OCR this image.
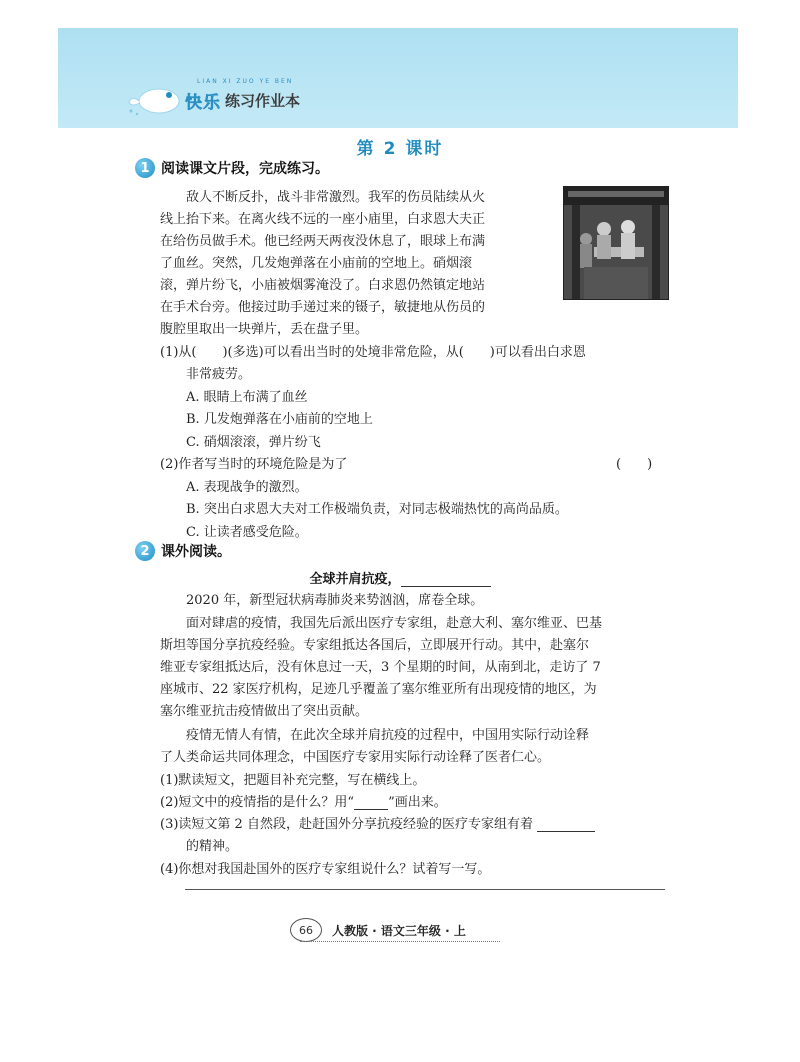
LIAN XI ZUO YE BEN
快乐 练习作业本
第 2 课时
1 阅读课文片段，完成练习。
敌人不断反扑，战斗非常激烈。我军的伤员陆续从火
线上抬下来。在离火线不远的一座小庙里，白求恩大夫正
在给伤员做手术。他已经两天两夜没休息了，眼球上布满
了血丝。突然，几发炮弹落在小庙前的空地上。硝烟滚
滚，弹片纷飞，小庙被烟雾淹没了。白求恩仍然镇定地站
在手术台旁。他接过助手递过来的镊子，敏捷地从伤员的
腹腔里取出一块弹片，丢在盘子里。
(1)从(　　)(多选)可以看出当时的处境非常危险，从(　　)可以看出白求恩
非常疲劳。
A. 眼睛上布满了血丝
B. 几发炮弹落在小庙前的空地上
C. 硝烟滚滚，弹片纷飞
(2)作者写当时的环境危险是为了	(　　)
A. 表现战争的激烈。
B. 突出白求恩大夫对工作极端负责，对同志极端热忱的高尚品质。
C. 让读者感受危险。
2 课外阅读。
全球并肩抗疫，
2020 年，新型冠状病毒肺炎来势汹汹，席卷全球。
面对肆虐的疫情，我国先后派出医疗专家组，赴意大利、塞尔维亚、巴基
斯坦等国分享抗疫经验。专家组抵达各国后，立即展开行动。其中，赴塞尔
维亚专家组抵达后，没有休息过一天，3 个星期的时间，从南到北，走访了 7
座城市、22 家医疗机构，足迹几乎覆盖了塞尔维亚所有出现疫情的地区，为
塞尔维亚抗击疫情做出了突出贡献。
疫情无情人有情，在此次全球并肩抗疫的过程中，中国用实际行动诠释
了人类命运共同体理念，中国医疗专家用实际行动诠释了医者仁心。
(1)默读短文，把题目补充完整，写在横线上。
(2)短文中的疫情指的是什么？用“	”画出来。
(3)读短文第 2 自然段，赴赶国外分享抗疫经验的医疗专家组有着
的精神。
(4)你想对我国赴国外的医疗专家组说什么？试着写一写。
66	人教版 · 语文三年级 · 上
